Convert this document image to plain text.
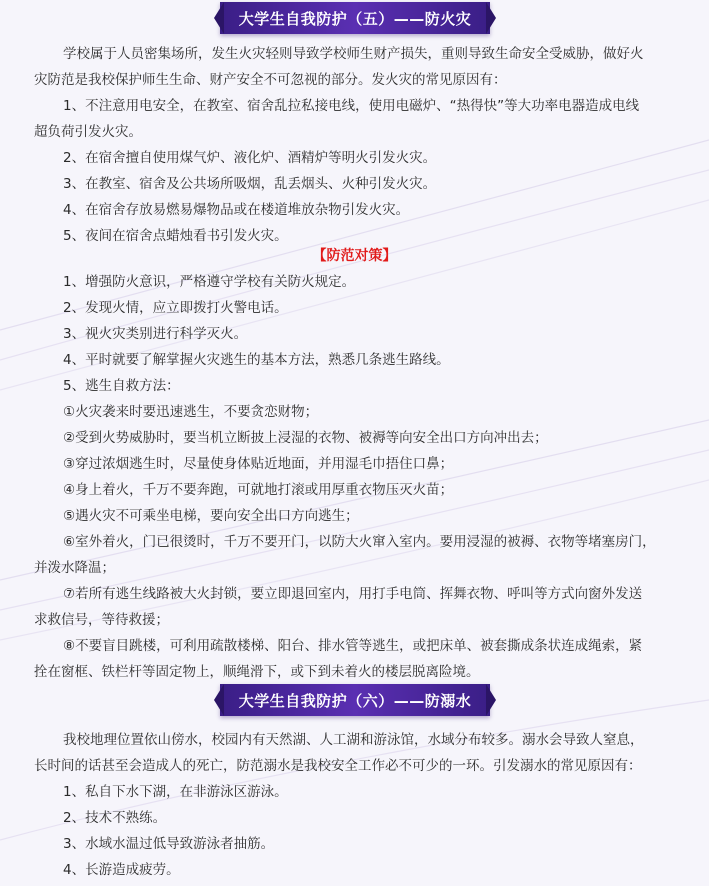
大学生自我防护（五）——防火灾
学校属于人员密集场所，发生火灾轻则导致学校师生财产损失，重则导致生命安全受威胁，做好火
灾防范是我校保护师生生命、财产安全不可忽视的部分。发火灾的常见原因有：
1、不注意用电安全，在教室、宿舍乱拉私接电线，使用电磁炉、“热得快”等大功率电器造成电线
超负荷引发火灾。
2、在宿舍擅自使用煤气炉、液化炉、酒精炉等明火引发火灾。
3、在教室、宿舍及公共场所吸烟，乱丢烟头、火种引发火灾。
4、在宿舍存放易燃易爆物品或在楼道堆放杂物引发火灾。
5、夜间在宿舍点蜡烛看书引发火灾。
【防范对策】
1、增强防火意识，严格遵守学校有关防火规定。
2、发现火情，应立即拨打火警电话。
3、视火灾类别进行科学灭火。
4、平时就要了解掌握火灾逃生的基本方法，熟悉几条逃生路线。
5、逃生自救方法：
①火灾袭来时要迅速逃生，不要贪恋财物；
②受到火势威胁时，要当机立断披上浸湿的衣物、被褥等向安全出口方向冲出去；
③穿过浓烟逃生时，尽量使身体贴近地面，并用湿毛巾捂住口鼻；
④身上着火，千万不要奔跑，可就地打滚或用厚重衣物压灭火苗；
⑤遇火灾不可乘坐电梯，要向安全出口方向逃生；
⑥室外着火，门已很烫时，千万不要开门，以防大火窜入室内。要用浸湿的被褥、衣物等堵塞房门，
并泼水降温；
⑦若所有逃生线路被大火封锁，要立即退回室内，用打手电筒、挥舞衣物、呼叫等方式向窗外发送
求救信号，等待救援；
⑧不要盲目跳楼，可利用疏散楼梯、阳台、排水管等逃生，或把床单、被套撕成条状连成绳索，紧
拴在窗框、铁栏杆等固定物上，顺绳滑下，或下到未着火的楼层脱离险境。
大学生自我防护（六）——防溺水
我校地理位置依山傍水，校园内有天然湖、人工湖和游泳馆，水域分布较多。溺水会导致人窒息，
长时间的话甚至会造成人的死亡，防范溺水是我校安全工作必不可少的一环。引发溺水的常见原因有：
1、私自下水下湖，在非游泳区游泳。
2、技术不熟练。
3、水域水温过低导致游泳者抽筋。
4、长游造成疲劳。
